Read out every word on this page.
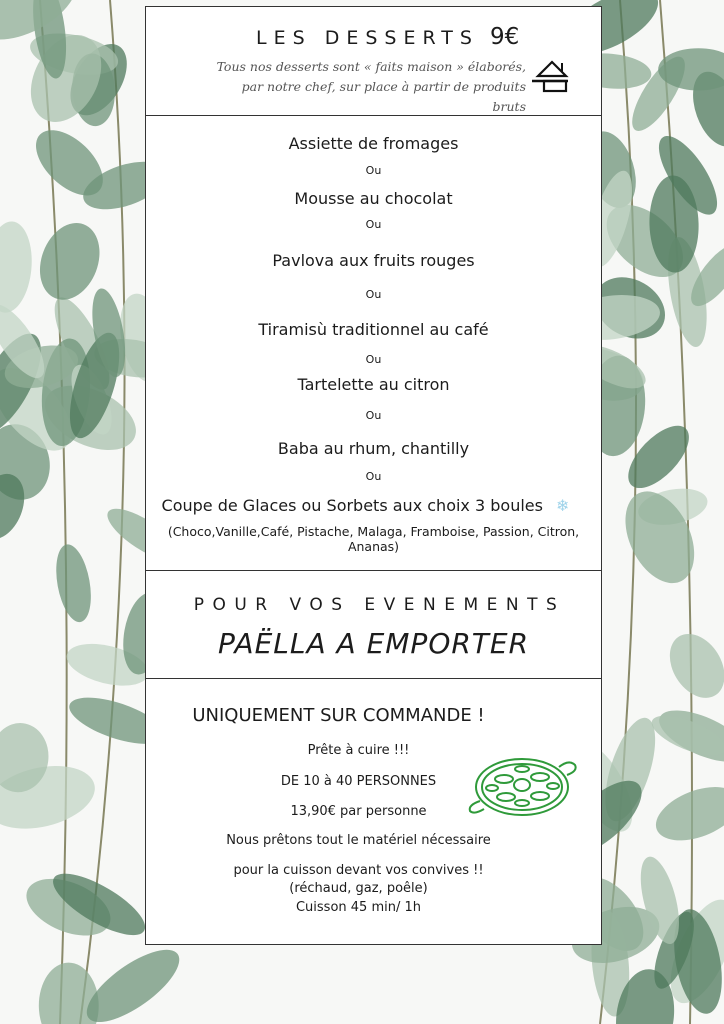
LES DESSERTS 9€
Tous nos desserts sont « faits maison » élaborés,
par notre chef, sur place à partir de produits bruts
Assiette de fromages
Ou
Mousse au chocolat
Ou
Pavlova aux fruits rouges
Ou
Tiramisù traditionnel au café
Ou
Tartelette au citron
Ou
Baba au rhum, chantilly
Ou
Coupe de Glaces ou Sorbets aux choix 3 boules ❄
(Choco,Vanille,Café, Pistache, Malaga, Framboise, Passion, Citron, Ananas)
POUR VOS EVENEMENTS
PAËLLA A EMPORTER
UNIQUEMENT SUR COMMANDE !
Prête à cuire !!!
DE 10 à 40 PERSONNES
13,90€ par personne
Nous prêtons tout le matériel nécessaire
pour la cuisson devant vos convives !!
(réchaud, gaz, poêle)
Cuisson 45 min/ 1h
